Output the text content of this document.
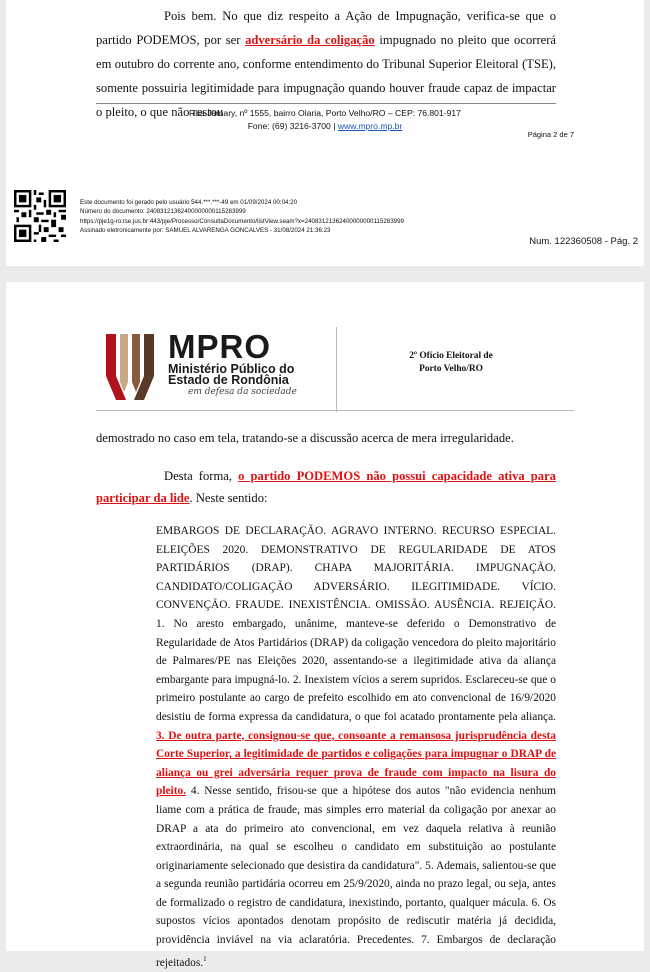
Pois bem. No que diz respeito a Ação de Impugnação, verifica-se que o partido PODEMOS, por ser adversário da coligação impugnado no pleito que ocorrerá em outubro do corrente ano, conforme entendimento do Tribunal Superior Eleitoral (TSE), somente possuiria legitimidade para impugnação quando houver fraude capaz de impactar o pleito, o que não restou

Rua Jamary, nº 1555, bairro Olaria, Porto Velho/RO – CEP: 76.801-917
Fone: (69) 3216-3700 | www.mpro.mp.br
Página 2 de 7
Este documento foi gerado pelo usuário 544.***.***-49 em 01/09/2024 00:04:20
Número do documento: 24083121362400000000115283999
https://pje1g-ro.tse.jus.br:443/pje/Processo/ConsultaDocumento/listView.seam?x=24083121362400000000115283999
Assinado eletronicamente por: SAMUEL ALVARENGA GONCALVES - 31/08/2024 21:36:23
Num. 122360508 - Pág. 2
MPRO
Ministério Público do
Estado de Rondônia
em defesa da sociedade
2º Ofício Eleitoral de
Porto Velho/RO

demostrado no caso em tela, tratando-se a discussão acerca de mera irregularidade.

Desta forma, o partido PODEMOS não possui capacidade ativa para participar da lide. Neste sentido:

EMBARGOS DE DECLARAÇÃO. AGRAVO INTERNO. RECURSO ESPECIAL. ELEIÇÕES 2020. DEMONSTRATIVO DE REGULARIDADE DE ATOS PARTIDÁRIOS (DRAP). CHAPA MAJORITÁRIA. IMPUGNAÇÃO. CANDIDATO/COLIGAÇÃO ADVERSÁRIO. ILEGITIMIDADE. VÍCIO. CONVENÇÃO. FRAUDE. INEXISTÊNCIA. OMISSÃO. AUSÊNCIA. REJEIÇÃO. 1. No aresto embargado, unânime, manteve-se deferido o Demonstrativo de Regularidade de Atos Partidários (DRAP) da coligação vencedora do pleito majoritário de Palmares/PE nas Eleições 2020, assentando-se a ilegitimidade ativa da aliança embargante para impugná-lo. 2. Inexistem vícios a serem supridos. Esclareceu-se que o primeiro postulante ao cargo de prefeito escolhido em ato convencional de 16/9/2020 desistiu de forma expressa da candidatura, o que foi acatado prontamente pela aliança. 3. De outra parte, consignou-se que, consoante a remansosa jurisprudência desta Corte Superior, a legitimidade de partidos e coligações para impugnar o DRAP de aliança ou grei adversária requer prova de fraude com impacto na lisura do pleito. 4. Nesse sentido, frisou-se que a hipótese dos autos "não evidencia nenhum liame com a prática de fraude, mas simples erro material da coligação por anexar ao DRAP a ata do primeiro ato convencional, em vez daquela relativa à reunião extraordinária, na qual se escolheu o candidato em substituição ao postulante originariamente selecionado que desistira da candidatura". 5. Ademais, salientou-se que a segunda reunião partidária ocorreu em 25/9/2020, ainda no prazo legal, ou seja, antes de formalizado o registro de candidatura, inexistindo, portanto, qualquer mácula. 6. Os supostos vícios apontados denotam propósito de rediscutir matéria já decidida, providência inviável na via aclaratória. Precedentes. 7. Embargos de declaração rejeitados.$^1$
